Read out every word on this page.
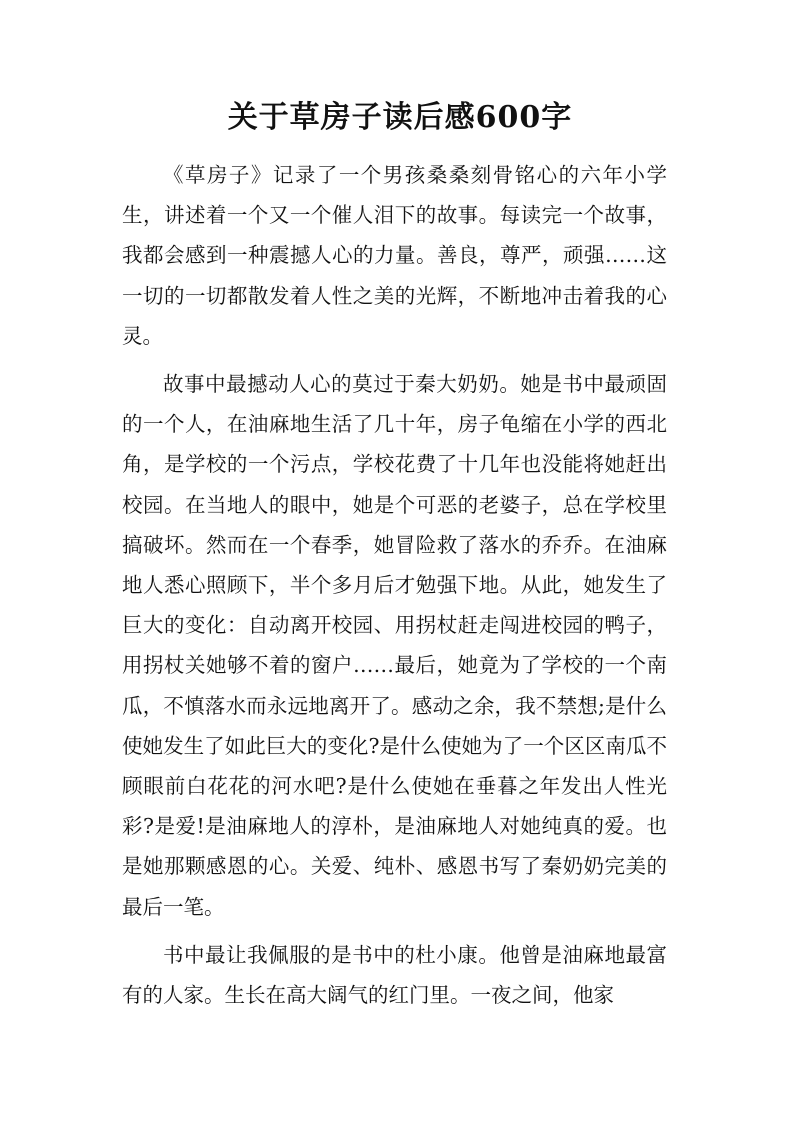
关于草房子读后感600字

《草房子》记录了一个男孩桑桑刻骨铭心的六年小学生，讲述着一个又一个催人泪下的故事。每读完一个故事，我都会感到一种震撼人心的力量。善良，尊严，顽强……这一切的一切都散发着人性之美的光辉，不断地冲击着我的心灵。

故事中最撼动人心的莫过于秦大奶奶。她是书中最顽固的一个人，在油麻地生活了几十年，房子龟缩在小学的西北角，是学校的一个污点，学校花费了十几年也没能将她赶出校园。在当地人的眼中，她是个可恶的老婆子，总在学校里搞破坏。然而在一个春季，她冒险救了落水的乔乔。在油麻地人悉心照顾下，半个多月后才勉强下地。从此，她发生了巨大的变化：自动离开校园、用拐杖赶走闯进校园的鸭子，用拐杖关她够不着的窗户……最后，她竟为了学校的一个南瓜，不慎落水而永远地离开了。感动之余，我不禁想;是什么使她发生了如此巨大的变化?是什么使她为了一个区区南瓜不顾眼前白花花的河水吧?是什么使她在垂暮之年发出人性光彩?是爱!是油麻地人的淳朴，是油麻地人对她纯真的爱。也是她那颗感恩的心。关爱、纯朴、感恩书写了秦奶奶完美的最后一笔。

书中最让我佩服的是书中的杜小康。他曾是油麻地最富有的人家。生长在高大阔气的红门里。一夜之间，他家
